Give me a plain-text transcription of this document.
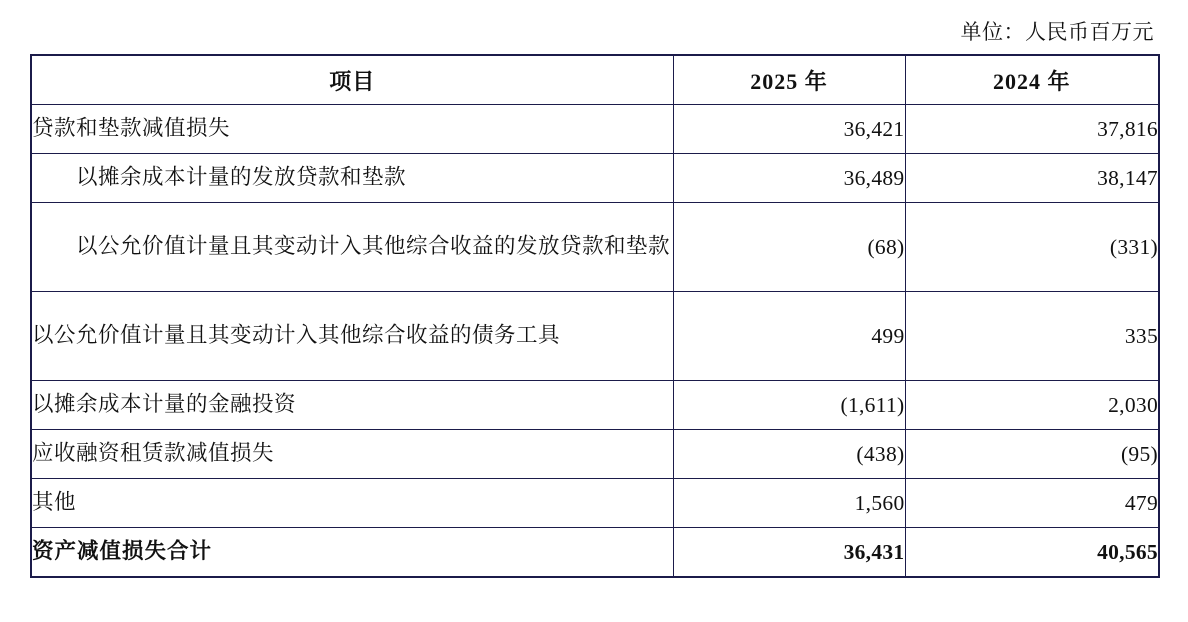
单位：人民币百万元
项目	2025 年	2024 年
贷款和垫款减值损失	36,421	37,816
以摊余成本计量的发放贷款和垫款	36,489	38,147
以公允价值计量且其变动计入其他综合收益的发放贷款和垫款	(68)	(331)
以公允价值计量且其变动计入其他综合收益的债务工具	499	335
以摊余成本计量的金融投资	(1,611)	2,030
应收融资租赁款减值损失	(438)	(95)
其他	1,560	479
资产减值损失合计	36,431	40,565
